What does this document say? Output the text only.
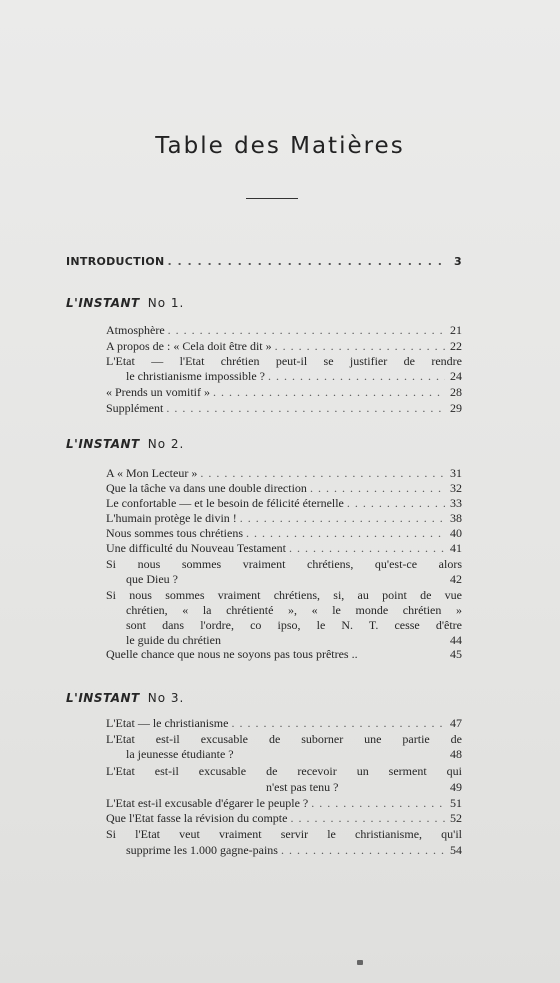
Table des Matières
INTRODUCTION . . .	3
L'INSTANT No 1.
Atmosphère . . .	21
A propos de : « Cela doit être dit » . . .	22
L'Etat — l'Etat chrétien peut-il se justifier de rendre
le christianisme impossible ? . . .	24
« Prends un vomitif » . . .	28
Supplément . . .	29
L'INSTANT No 2.
A « Mon Lecteur » . . .	31
Que la tâche va dans une double direction . . .	32
Le confortable — et le besoin de félicité éternelle . . .	33
L'humain protège le divin ! . . .	38
Nous sommes tous chrétiens . . .	40
Une difficulté du Nouveau Testament . . .	41
Si nous sommes vraiment chrétiens, qu'est-ce alors
que Dieu ?	42
Si nous sommes vraiment chrétiens, si, au point de vue
chrétien, « la chrétienté », « le monde chrétien »
sont dans l'ordre, co ipso, le N. T. cesse d'être
le guide du chrétien	44
Quelle chance que nous ne soyons pas tous prêtres ..	45
L'INSTANT No 3.
L'Etat — le christianisme . . .	47
L'Etat est-il excusable de suborner une partie de
la jeunesse étudiante ?	48
L'Etat est-il excusable de recevoir un serment qui
n'est pas tenu ?	49
L'Etat est-il excusable d'égarer le peuple ? . . .	51
Que l'Etat fasse la révision du compte . . .	52
Si l'Etat veut vraiment servir le christianisme, qu'il
supprime les 1.000 gagne-pains . . .	54
